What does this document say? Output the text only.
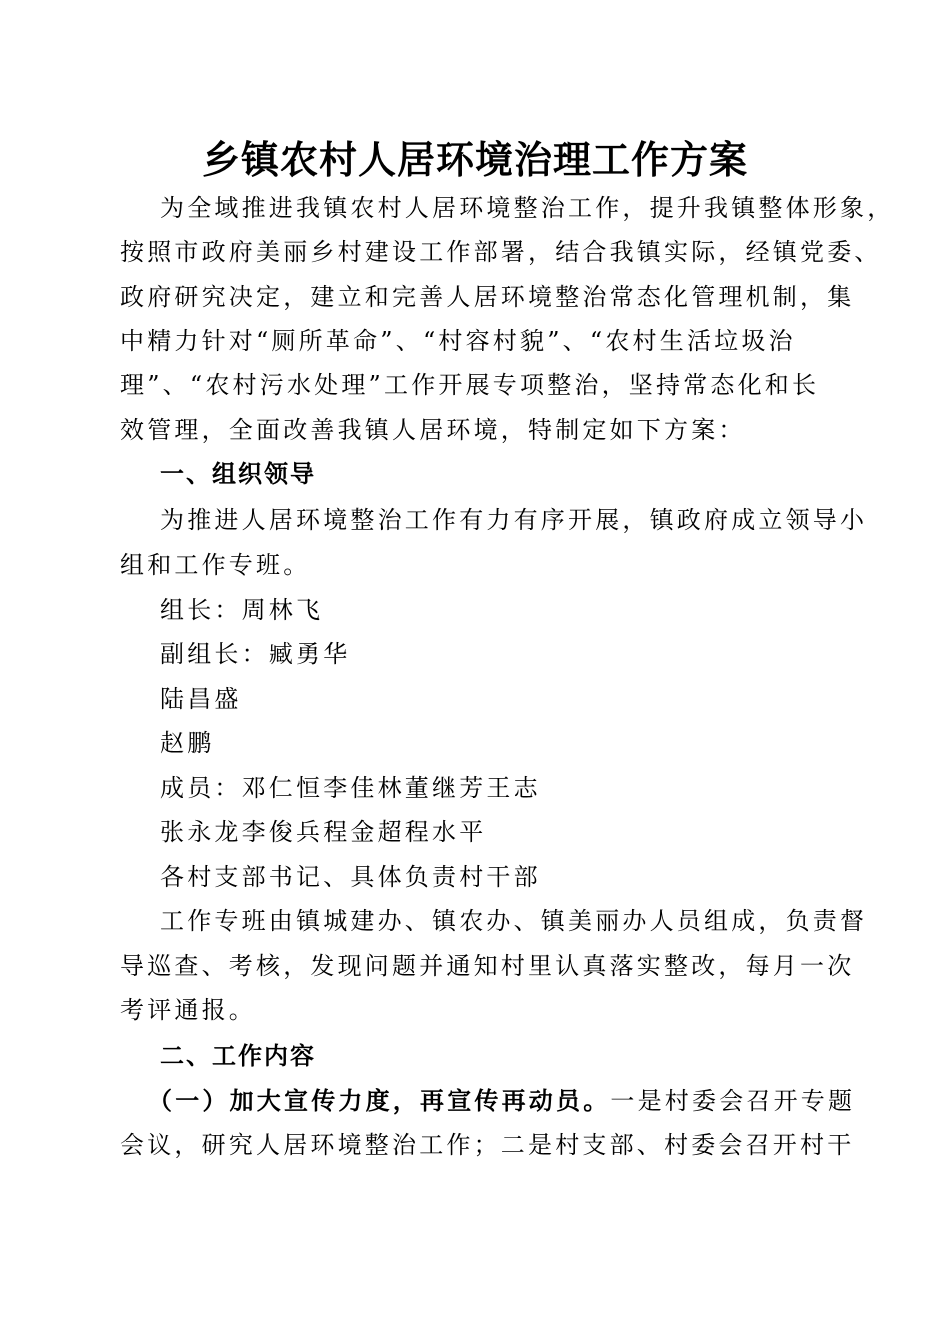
乡镇农村人居环境治理工作方案
为全域推进我镇农村人居环境整治工作，提升我镇整体形象，
按照市政府美丽乡村建设工作部署，结合我镇实际，经镇党委、
政府研究决定，建立和完善人居环境整治常态化管理机制，集
中精力针对“厕所革命”、“村容村貌”、“农村生活垃圾治
理”、“农村污水处理”工作开展专项整治，坚持常态化和长
效管理，全面改善我镇人居环境，特制定如下方案：
一、组织领导
为推进人居环境整治工作有力有序开展，镇政府成立领导小
组和工作专班。
组长：周林飞
副组长：臧勇华
陆昌盛
赵鹏
成员：邓仁恒李佳林董继芳王志
张永龙李俊兵程金超程水平
各村支部书记、具体负责村干部
工作专班由镇城建办、镇农办、镇美丽办人员组成，负责督
导巡查、考核，发现问题并通知村里认真落实整改，每月一次
考评通报。
二、工作内容
（一）加大宣传力度，再宣传再动员。一是村委会召开专题
会议，研究人居环境整治工作；二是村支部、村委会召开村干
